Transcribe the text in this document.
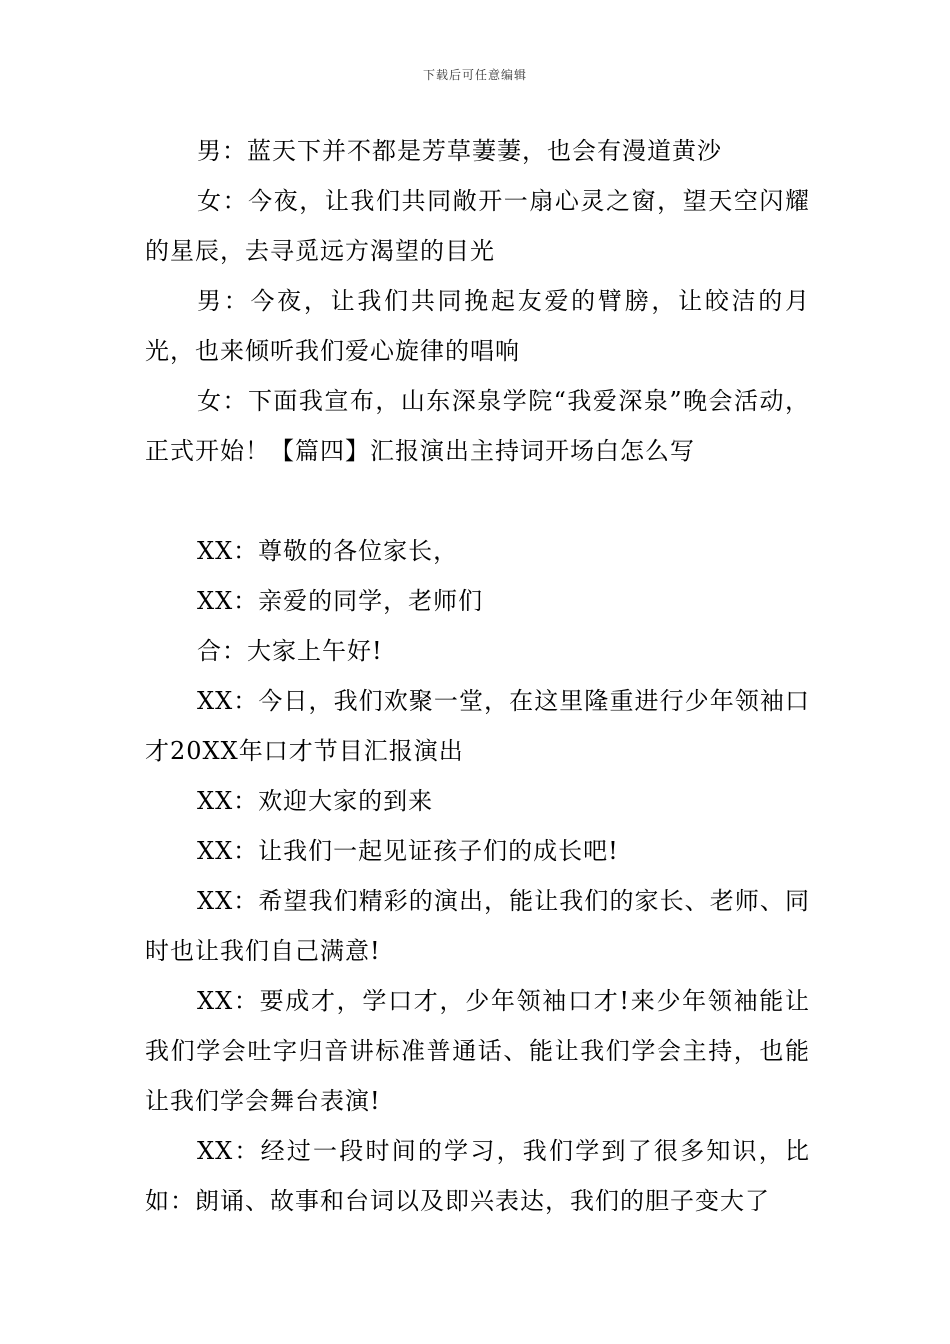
下载后可任意编辑

男：蓝天下并不都是芳草萋萋，也会有漫道黄沙

女：今夜，让我们共同敞开一扇心灵之窗，望天空闪耀的星辰，去寻觅远方渴望的目光

男：今夜，让我们共同挽起友爱的臂膀，让皎洁的月光，也来倾听我们爱心旋律的唱响

女：下面我宣布，山东深泉学院“我爱深泉”晚会活动，正式开始！【篇四】汇报演出主持词开场白怎么写

XX：尊敬的各位家长，

XX：亲爱的同学，老师们

合：大家上午好!

XX：今日，我们欢聚一堂，在这里隆重进行少年领袖口才20XX年口才节目汇报演出

XX：欢迎大家的到来

XX：让我们一起见证孩子们的成长吧!

XX：希望我们精彩的演出，能让我们的家长、老师、同时也让我们自己满意!

XX：要成才，学口才，少年领袖口才!来少年领袖能让我们学会吐字归音讲标准普通话、能让我们学会主持，也能让我们学会舞台表演!

XX：经过一段时间的学习，我们学到了很多知识，比如：朗诵、故事和台词以及即兴表达，我们的胆子变大了
